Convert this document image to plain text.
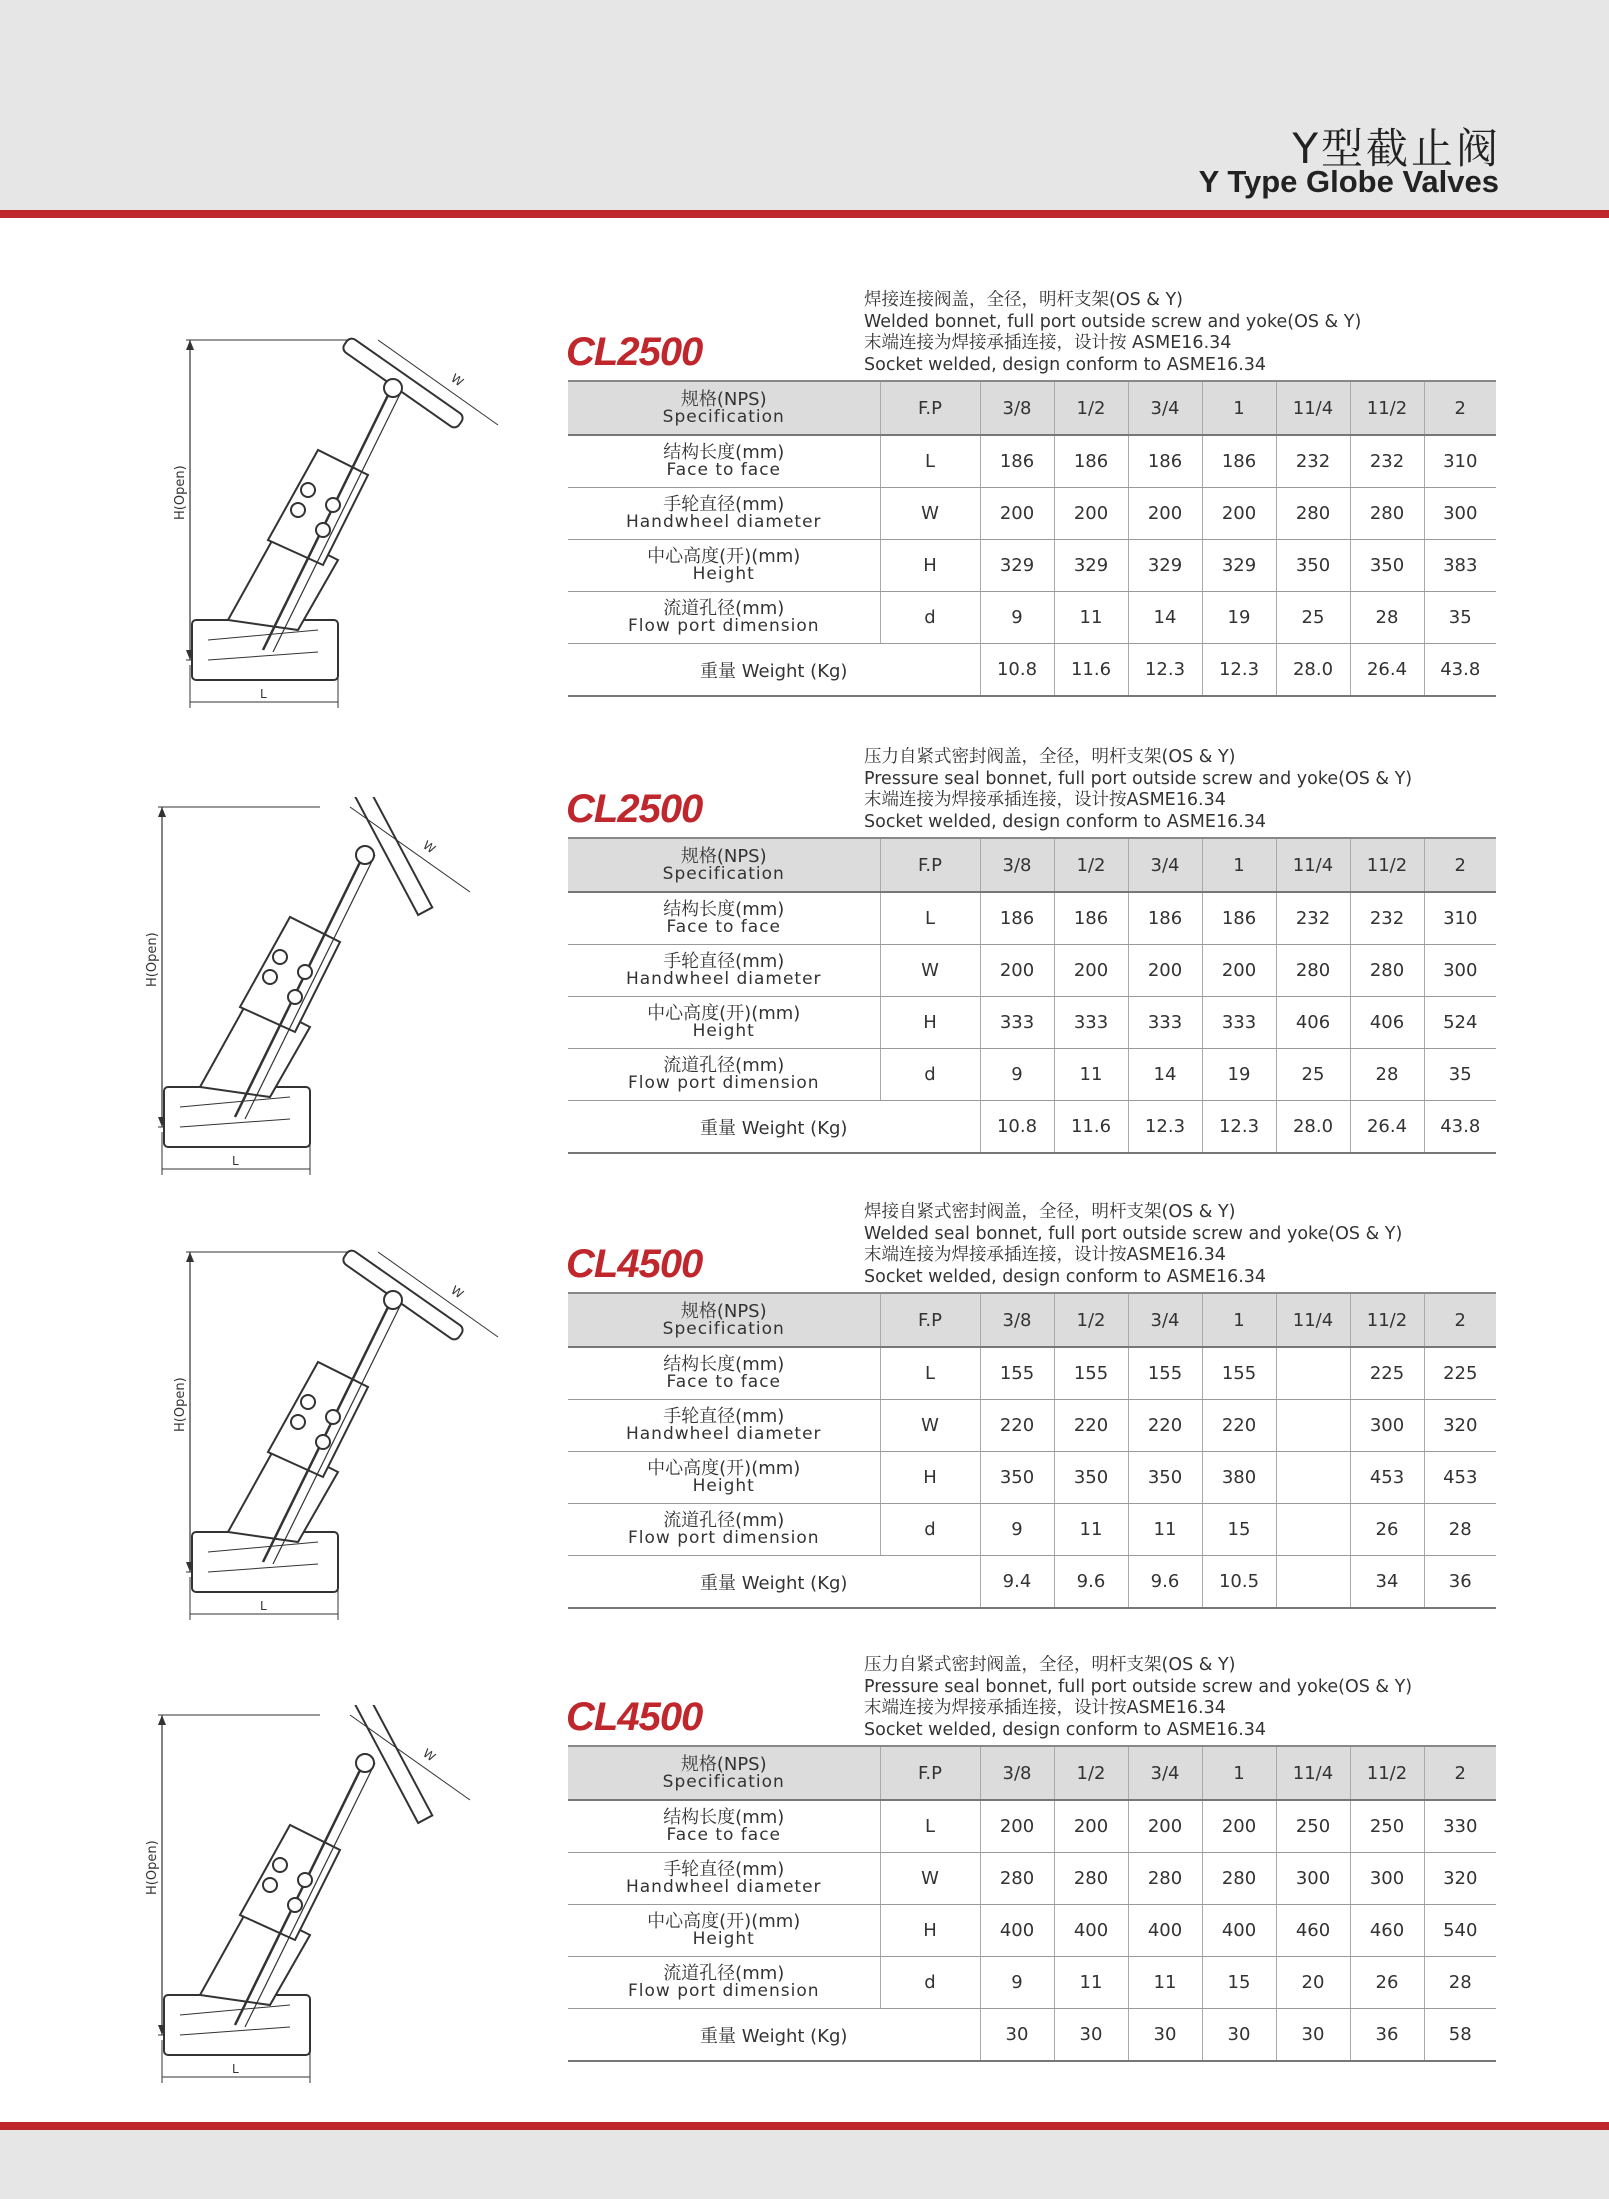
Y型截止阀
Y Type Globe Valves
H(Open)
L
W
焊接连接阀盖，全径，明杆支架(OS & Y)
Welded bonnet, full port outside screw and yoke(OS & Y)
末端连接为焊接承插连接，设计按 ASME16.34
Socket welded, design conform to ASME16.34
CL2500
规格(NPS)
Specification	F.P	3/8	1/2	3/4	1	11/4	11/2	2

结构长度(mm)
Face to face	L	186	186	186	186	232	232	310

手轮直径(mm)
Handwheel diameter	W	200	200	200	200	280	280	300

中心高度(开)(mm)
Height	H	329	329	329	329	350	350	383

流道孔径(mm)
Flow port dimension	d	9	11	14	19	25	28	35
重量 Weight (Kg)		10.8	11.6	12.3	12.3	28.0	26.4	43.8
H(Open)
L
W
压力自紧式密封阀盖，全径，明杆支架(OS & Y)
Pressure seal bonnet, full port outside screw and yoke(OS & Y)
末端连接为焊接承插连接，设计按ASME16.34
Socket welded, design conform to ASME16.34
CL2500
规格(NPS)
Specification	F.P	3/8	1/2	3/4	1	11/4	11/2	2

结构长度(mm)
Face to face	L	186	186	186	186	232	232	310

手轮直径(mm)
Handwheel diameter	W	200	200	200	200	280	280	300

中心高度(开)(mm)
Height	H	333	333	333	333	406	406	524

流道孔径(mm)
Flow port dimension	d	9	11	14	19	25	28	35
重量 Weight (Kg)		10.8	11.6	12.3	12.3	28.0	26.4	43.8
H(Open)
L
W
焊接自紧式密封阀盖，全径，明杆支架(OS & Y)
Welded seal bonnet, full port outside screw and yoke(OS & Y)
末端连接为焊接承插连接，设计按ASME16.34
Socket welded, design conform to ASME16.34
CL4500
规格(NPS)
Specification	F.P	3/8	1/2	3/4	1	11/4	11/2	2

结构长度(mm)
Face to face	L	155	155	155	155		225	225

手轮直径(mm)
Handwheel diameter	W	220	220	220	220		300	320

中心高度(开)(mm)
Height	H	350	350	350	380		453	453

流道孔径(mm)
Flow port dimension	d	9	11	11	15		26	28
重量 Weight (Kg)		9.4	9.6	9.6	10.5		34	36
H(Open)
L
W
压力自紧式密封阀盖，全径，明杆支架(OS & Y)
Pressure seal bonnet, full port outside screw and yoke(OS & Y)
末端连接为焊接承插连接，设计按ASME16.34
Socket welded, design conform to ASME16.34
CL4500
规格(NPS)
Specification	F.P	3/8	1/2	3/4	1	11/4	11/2	2

结构长度(mm)
Face to face	L	200	200	200	200	250	250	330

手轮直径(mm)
Handwheel diameter	W	280	280	280	280	300	300	320

中心高度(开)(mm)
Height	H	400	400	400	400	460	460	540

流道孔径(mm)
Flow port dimension	d	9	11	11	15	20	26	28
重量 Weight (Kg)		30	30	30	30	30	36	58
